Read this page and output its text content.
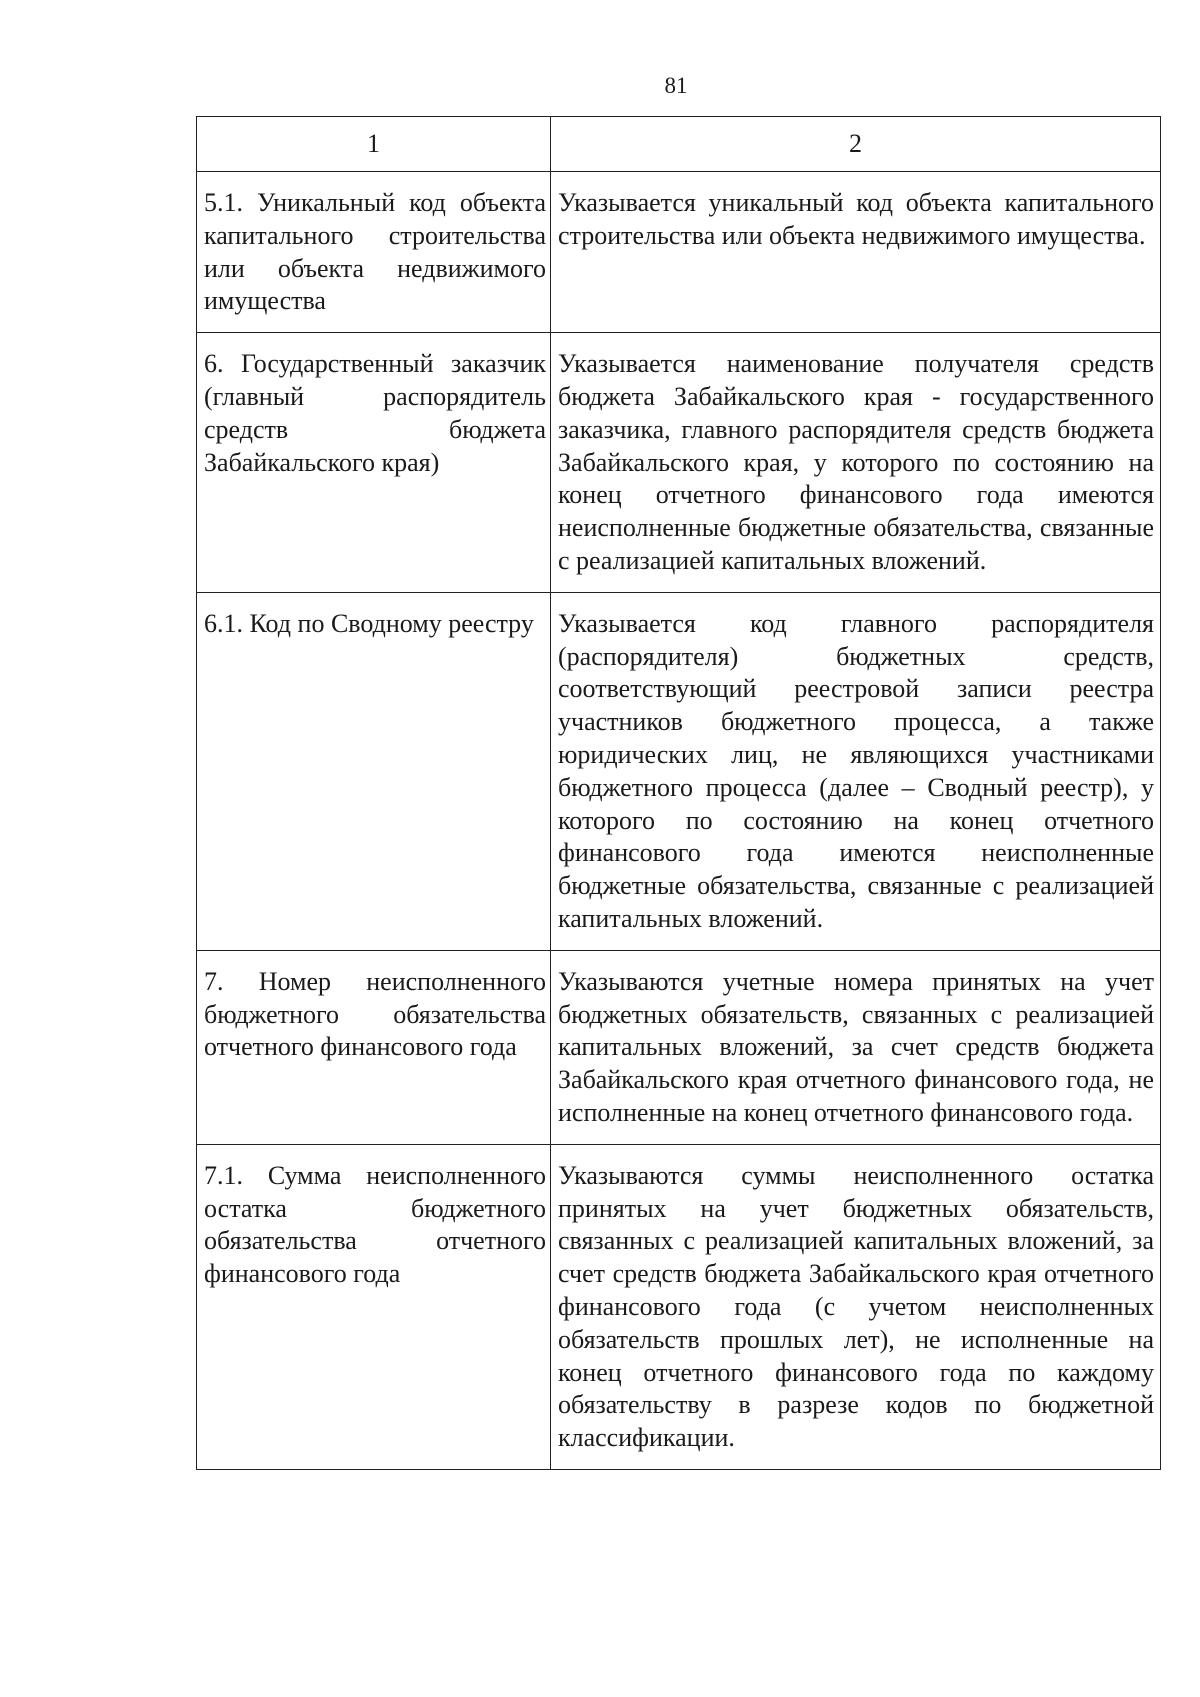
81
1	2
5.1. Уникальный код объекта капитального строительства или объекта недвижимого имущества	Указывается уникальный код объекта капитального строительства или объекта недвижимого имущества.
6. Государственный заказчик (главный распорядитель средств бюджета Забайкальского края)	Указывается наименование получателя средств бюджета Забайкальского края - государственного заказчика, главного распорядителя средств бюджета Забайкальского края, у которого по состоянию на конец отчетного финансового года имеются неисполненные бюджетные обязательства, связанные с реализацией капитальных вложений.
6.1. Код по Сводному реестру	Указывается код главного распорядителя (распорядителя) бюджетных средств, соответствующий реестровой записи реестра участников бюджетного процесса, а также юридических лиц, не являющихся участниками бюджетного процесса (далее – Сводный реестр), у которого по состоянию на конец отчетного финансового года имеются неисполненные бюджетные обязательства, связанные с реализацией капитальных вложений.
7. Номер неисполненного бюджетного обязательства отчетного финансового года	Указываются учетные номера принятых на учет бюджетных обязательств, связанных с реализацией капитальных вложений, за счет средств бюджета Забайкальского края отчетного финансового года, не исполненные на конец отчетного финансового года.
7.1. Сумма неисполненного остатка бюджетного обязательства отчетного финансового года	Указываются суммы неисполненного остатка принятых на учет бюджетных обязательств, связанных с реализацией капитальных вложений, за счет средств бюджета Забайкальского края отчетного финансового года (с учетом неисполненных обязательств прошлых лет), не исполненные на конец отчетного финансового года по каждому обязательству в разрезе кодов по бюджетной классификации.
